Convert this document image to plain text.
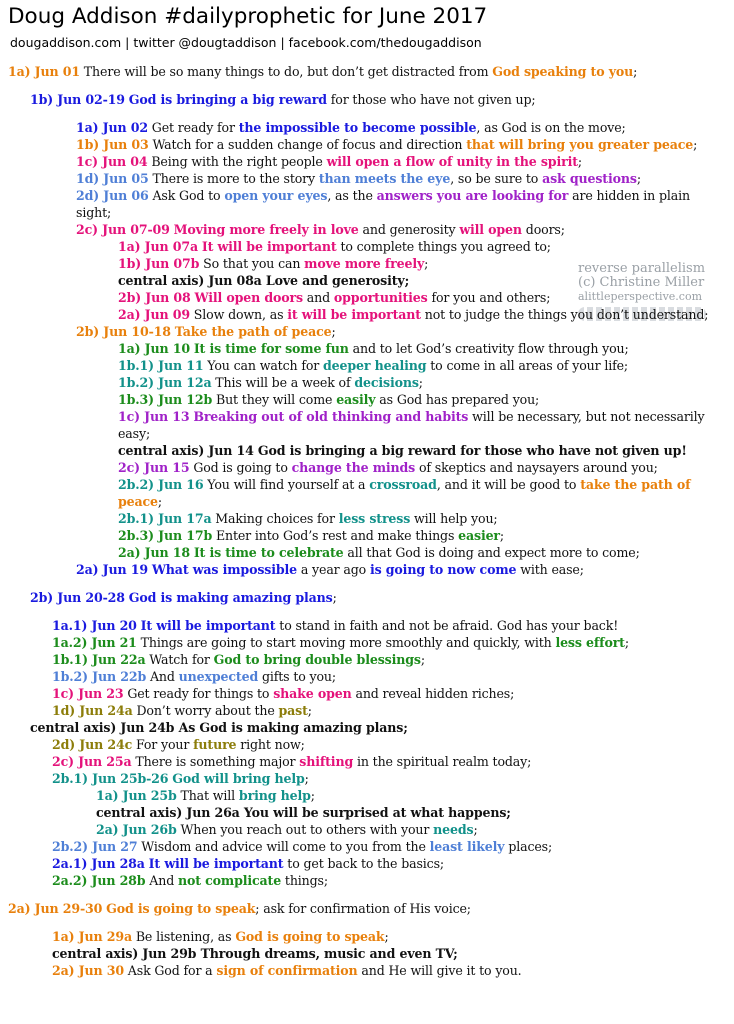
Doug Addison #dailyprophetic for June 2017
dougaddison.com | twitter @dougtaddison | facebook.com/thedougaddison
reverse parallelism
(c) Christine Miller
alittleperspective.com
1a) Jun 01 There will be so many things to do, but don’t get distracted from God speaking to you;
1b) Jun 02-19 God is bringing a big reward for those who have not given up;
1a) Jun 02 Get ready for the impossible to become possible, as God is on the move;
1b) Jun 03 Watch for a sudden change of focus and direction that will bring you greater peace;
1c) Jun 04 Being with the right people will open a flow of unity in the spirit;
1d) Jun 05 There is more to the story than meets the eye, so be sure to ask questions;
2d) Jun 06 Ask God to open your eyes, as the answers you are looking for are hidden in plain sight;
2c) Jun 07-09 Moving more freely in love and generosity will open doors;
1a) Jun 07a It will be important to complete things you agreed to;
1b) Jun 07b So that you can move more freely;
central axis) Jun 08a Love and generosity;
2b) Jun 08 Will open doors and opportunities for you and others;
2a) Jun 09 Slow down, as it will be important not to judge the things you don’t understand;
2b) Jun 10-18 Take the path of peace;
1a) Jun 10 It is time for some fun and to let God’s creativity flow through you;
1b.1) Jun 11 You can watch for deeper healing to come in all areas of your life;
1b.2) Jun 12a This will be a week of decisions;
1b.3) Jun 12b But they will come easily as God has prepared you;
1c) Jun 13 Breaking out of old thinking and habits will be necessary, but not necessarily easy;
central axis) Jun 14 God is bringing a big reward for those who have not given up!
2c) Jun 15 God is going to change the minds of skeptics and naysayers around you;
2b.2) Jun 16 You will find yourself at a crossroad, and it will be good to take the path of peace;
2b.1) Jun 17a Making choices for less stress will help you;
2b.3) Jun 17b Enter into God’s rest and make things easier;
2a) Jun 18 It is time to celebrate all that God is doing and expect more to come;
2a) Jun 19 What was impossible a year ago is going to now come with ease;
2b) Jun 20-28 God is making amazing plans;
1a.1) Jun 20 It will be important to stand in faith and not be afraid. God has your back!
1a.2) Jun 21 Things are going to start moving more smoothly and quickly, with less effort;
1b.1) Jun 22a Watch for God to bring double blessings;
1b.2) Jun 22b And unexpected gifts to you;
1c) Jun 23 Get ready for things to shake open and reveal hidden riches;
1d) Jun 24a Don’t worry about the past;
central axis) Jun 24b As God is making amazing plans;
2d) Jun 24c For your future right now;
2c) Jun 25a There is something major shifting in the spiritual realm today;
2b.1) Jun 25b-26 God will bring help;
1a) Jun 25b That will bring help;
central axis) Jun 26a You will be surprised at what happens;
2a) Jun 26b When you reach out to others with your needs;
2b.2) Jun 27 Wisdom and advice will come to you from the least likely places;
2a.1) Jun 28a It will be important to get back to the basics;
2a.2) Jun 28b And not complicate things;
2a) Jun 29-30 God is going to speak; ask for confirmation of His voice;
1a) Jun 29a Be listening, as God is going to speak;
central axis) Jun 29b Through dreams, music and even TV;
2a) Jun 30 Ask God for a sign of confirmation and He will give it to you.
